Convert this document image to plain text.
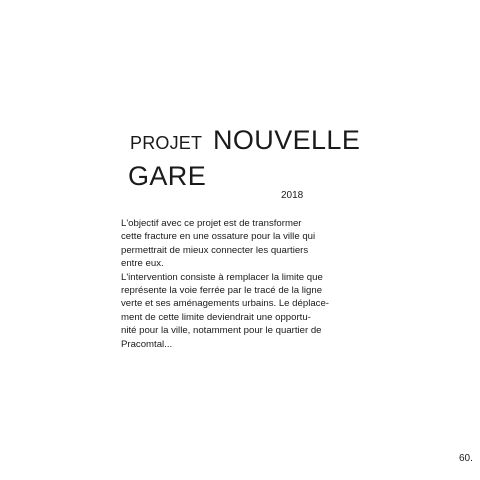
PROJET NOUVELLE
GARE
2018

L'objectif avec ce projet est de transformer
cette fracture en une ossature pour la ville qui
permettrait de mieux connecter les quartiers
entre eux.

L'intervention consiste à remplacer la limite que
représente la voie ferrée par le tracé de la ligne
verte et ses aménagements urbains. Le déplace-
ment de cette limite deviendrait une opportu-
nité pour la ville, notamment pour le quartier de
Pracomtal...

60.
